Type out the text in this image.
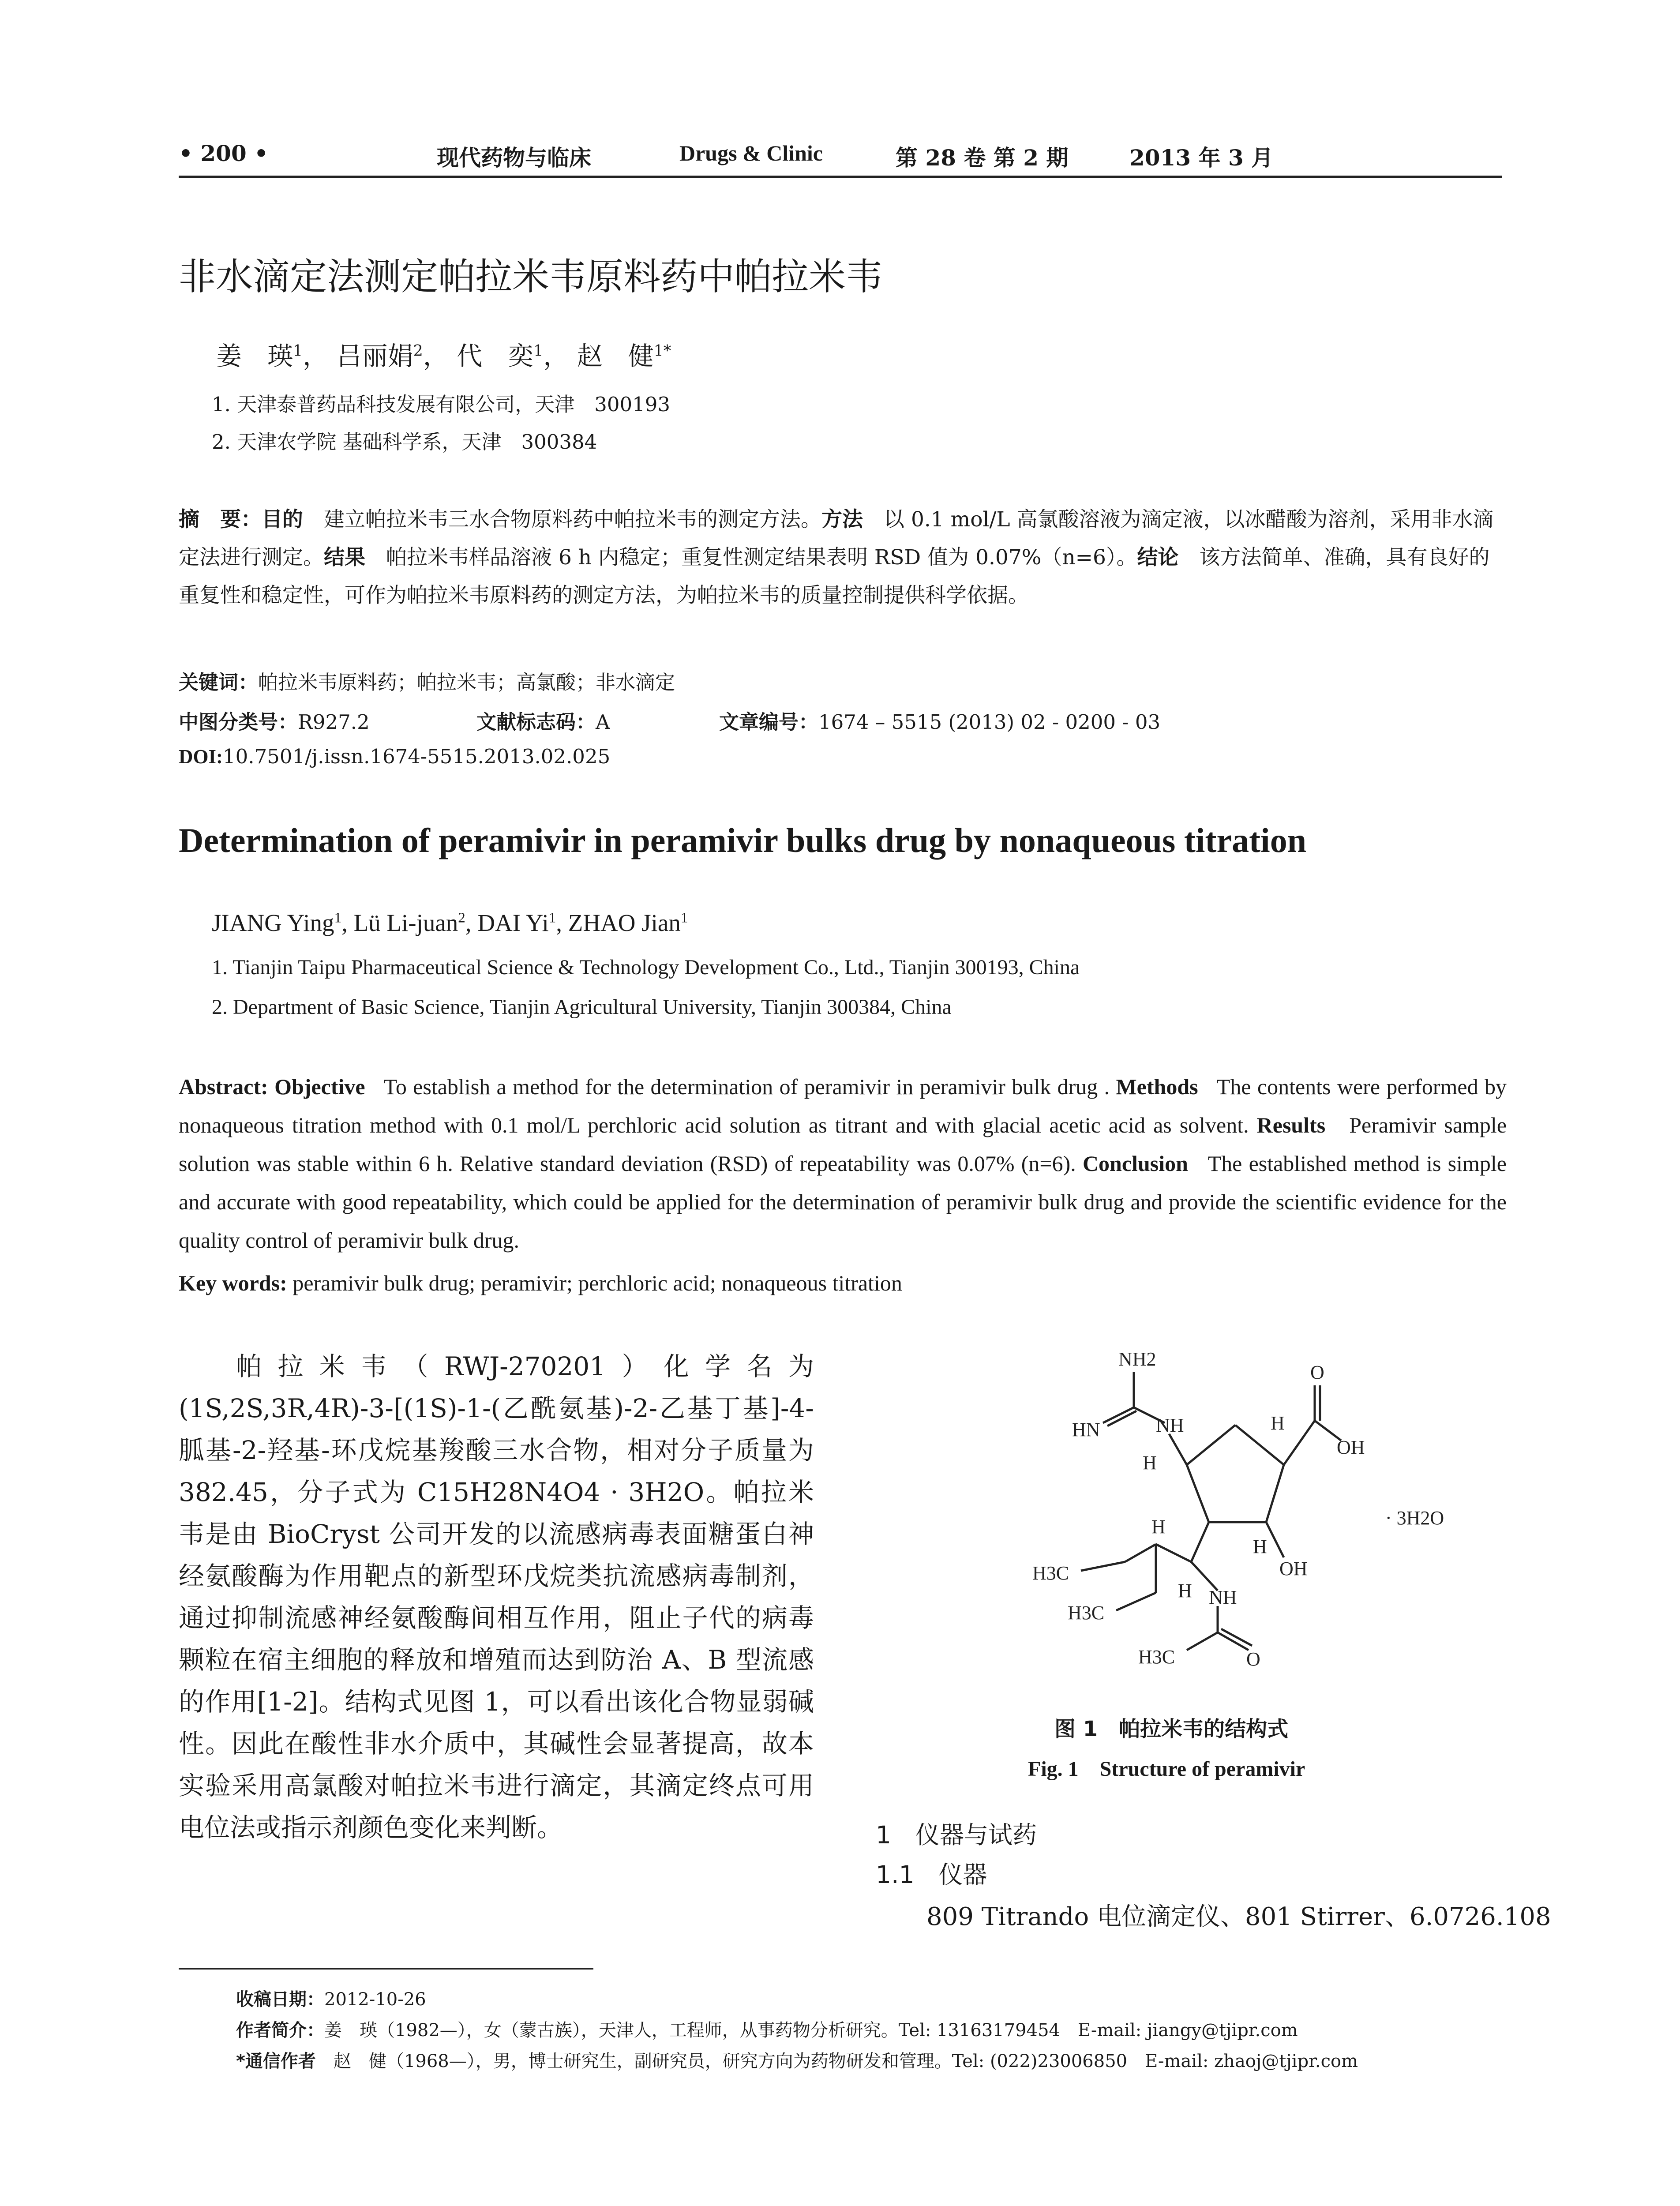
• 200 •	现代药物与临床	Drugs & Clinic	第 28 卷 第 2 期	2013 年 3 月
非水滴定法测定帕拉米韦原料药中帕拉米韦
姜　瑛$^1$， 吕丽娟$^2$， 代　奕$^1$， 赵　健$^{1*}$
1. 天津泰普药品科技发展有限公司，天津　300193
2. 天津农学院 基础科学系，天津　300384
摘　要：目的　建立帕拉米韦三水合物原料药中帕拉米韦的测定方法。方法　以 0.1 mol/L 高氯酸溶液为滴定液，以冰醋酸为溶剂，采用非水滴定法进行测定。结果　帕拉米韦样品溶液 6 h 内稳定；重复性测定结果表明 RSD 值为 0.07%（n=6）。结论　该方法简单、准确，具有良好的重复性和稳定性，可作为帕拉米韦原料药的测定方法，为帕拉米韦的质量控制提供科学依据。
关键词：帕拉米韦原料药；帕拉米韦；高氯酸；非水滴定
中图分类号：R927.2	文献标志码：A	文章编号：1674 – 5515 (2013) 02 - 0200 - 03
DOI:10.7501/j.issn.1674-5515.2013.02.025
Determination of peramivir in peramivir bulks drug by nonaqueous titration
JIANG Ying$^1$, Lü Li-juan$^2$, DAI Yi$^1$, ZHAO Jian$^1$
1. Tianjin Taipu Pharmaceutical Science & Technology Development Co., Ltd., Tianjin 300193, China
2. Department of Basic Science, Tianjin Agricultural University, Tianjin 300384, China
Abstract: Objective To establish a method for the determination of peramivir in peramivir bulk drug . Methods The contents were performed by nonaqueous titration method with 0.1 mol/L perchloric acid solution as titrant and with glacial acetic acid as solvent. Results Peramivir sample solution was stable within 6 h. Relative standard deviation (RSD) of repeatability was 0.07% (n=6). Conclusion The established method is simple and accurate with good repeatability, which could be applied for the determination of peramivir bulk drug and provide the scientific evidence for the quality control of peramivir bulk drug.
Key words: peramivir bulk drug; peramivir; perchloric acid; nonaqueous titration
帕拉米韦（RWJ-270201）化学名为(1S,2S,3R,4R)-3-[(1S)-1-(乙酰氨基)-2-乙基丁基]-4-胍基-2-羟基-环戊烷基羧酸三水合物，相对分子质量为 382.45，分子式为 C15H28N4O4 · 3H2O。帕拉米韦是由 BioCryst 公司开发的以流感病毒表面糖蛋白神经氨酸酶为作用靶点的新型环戊烷类抗流感病毒制剂，通过抑制流感神经氨酸酶间相互作用，阻止子代的病毒颗粒在宿主细胞的释放和增殖而达到防治 A、B 型流感的作用[1-2]。结构式见图 1，可以看出该化合物显弱碱性。因此在酸性非水介质中，其碱性会显著提高，故本实验采用高氯酸对帕拉米韦进行滴定，其滴定终点可用电位法或指示剂颜色变化来判断。
NH2
HN	NH
H
H
O
OH
H
H
OH
· 3H2O
H3C
H NH
H3C
H3C	O
图 1　帕拉米韦的结构式
Fig. 1　Structure of peramivir
1　仪器与试药
1.1　仪器
809 Titrando 电位滴定仪、801 Stirrer、6.0726.108
收稿日期：2012-10-26
作者简介：姜　瑛（1982—），女（蒙古族），天津人，工程师，从事药物分析研究。Tel: 13163179454　E-mail: jiangy@tjipr.com
*通信作者　赵　健（1968—），男，博士研究生，副研究员，研究方向为药物研发和管理。Tel: (022)23006850　E-mail: zhaoj@tjipr.com
